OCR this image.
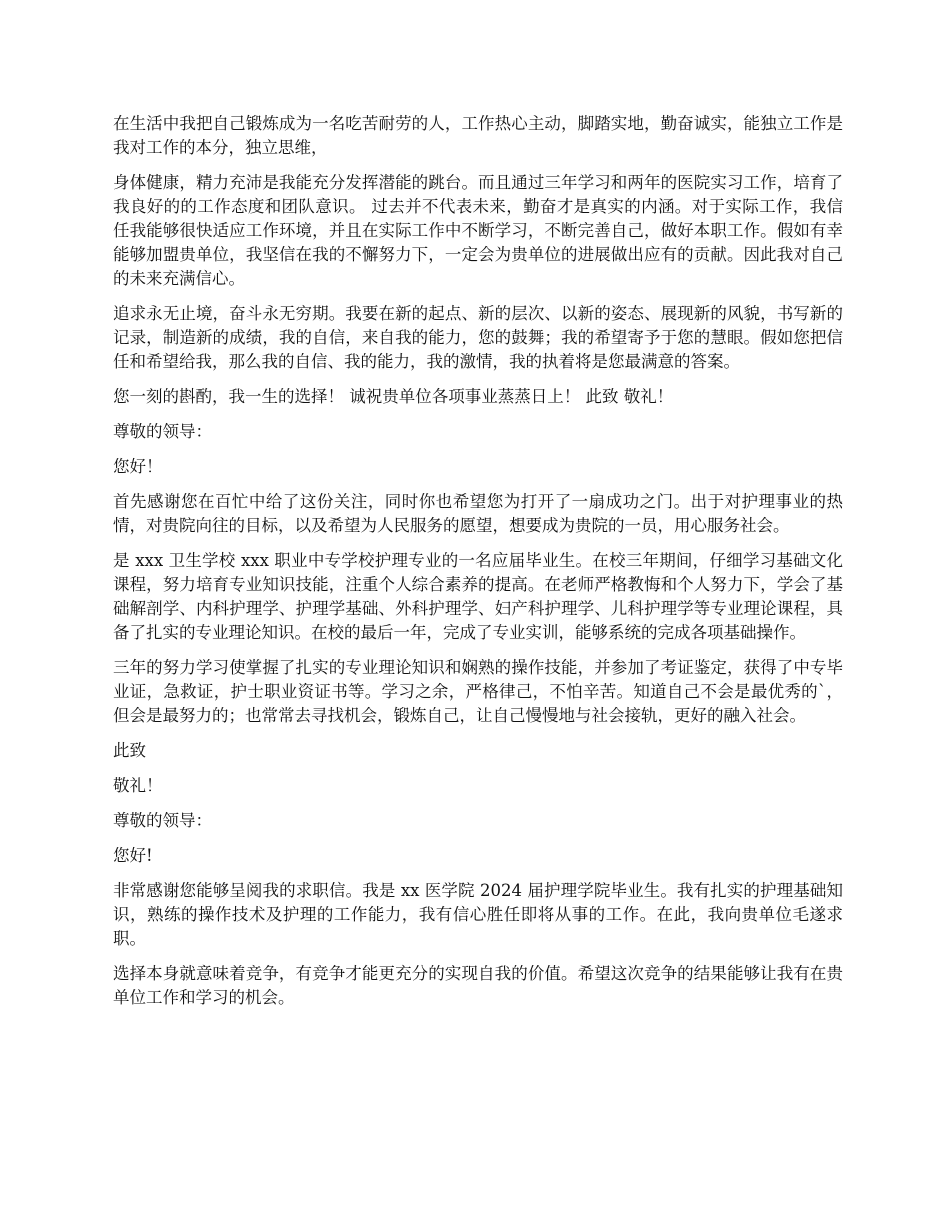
在生活中我把自己锻炼成为一名吃苦耐劳的人，工作热心主动，脚踏实地，勤奋诚实，能独立工作是我对工作的本分，独立思维，

身体健康，精力充沛是我能充分发挥潜能的跳台。而且通过三年学习和两年的医院实习工作，培育了我良好的的工作态度和团队意识。 过去并不代表未来，勤奋才是真实的内涵。对于实际工作，我信任我能够很快适应工作环境，并且在实际工作中不断学习，不断完善自己，做好本职工作。假如有幸能够加盟贵单位，我坚信在我的不懈努力下，一定会为贵单位的进展做出应有的贡献。因此我对自己的未来充满信心。

追求永无止境，奋斗永无穷期。我要在新的起点、新的层次、以新的姿态、展现新的风貌，书写新的记录，制造新的成绩，我的自信，来自我的能力，您的鼓舞；我的希望寄予于您的慧眼。假如您把信任和希望给我，那么我的自信、我的能力，我的激情，我的执着将是您最满意的答案。

您一刻的斟酌，我一生的选择！ 诚祝贵单位各项事业蒸蒸日上！ 此致 敬礼！

尊敬的领导：

您好！

首先感谢您在百忙中给了这份关注，同时你也希望您为打开了一扇成功之门。出于对护理事业的热情，对贵院向往的目标，以及希望为人民服务的愿望，想要成为贵院的一员，用心服务社会。

是 xxx 卫生学校 xxx 职业中专学校护理专业的一名应届毕业生。在校三年期间，仔细学习基础文化课程，努力培育专业知识技能，注重个人综合素养的提高。在老师严格教悔和个人努力下，学会了基础解剖学、内科护理学、护理学基础、外科护理学、妇产科护理学、儿科护理学等专业理论课程，具备了扎实的专业理论知识。在校的最后一年，完成了专业实训，能够系统的完成各项基础操作。

三年的努力学习使掌握了扎实的专业理论知识和娴熟的操作技能，并参加了考证鉴定，获得了中专毕业证，急救证，护士职业资证书等。学习之余，严格律己，不怕辛苦。知道自己不会是最优秀的`，但会是最努力的；也常常去寻找机会，锻炼自己，让自己慢慢地与社会接轨，更好的融入社会。

此致

敬礼！

尊敬的领导：

您好!

非常感谢您能够呈阅我的求职信。我是 xx 医学院 2024 届护理学院毕业生。我有扎实的护理基础知识，熟练的操作技术及护理的工作能力，我有信心胜任即将从事的工作。在此，我向贵单位毛遂求职。

选择本身就意味着竞争，有竞争才能更充分的实现自我的价值。希望这次竞争的结果能够让我有在贵单位工作和学习的机会。
